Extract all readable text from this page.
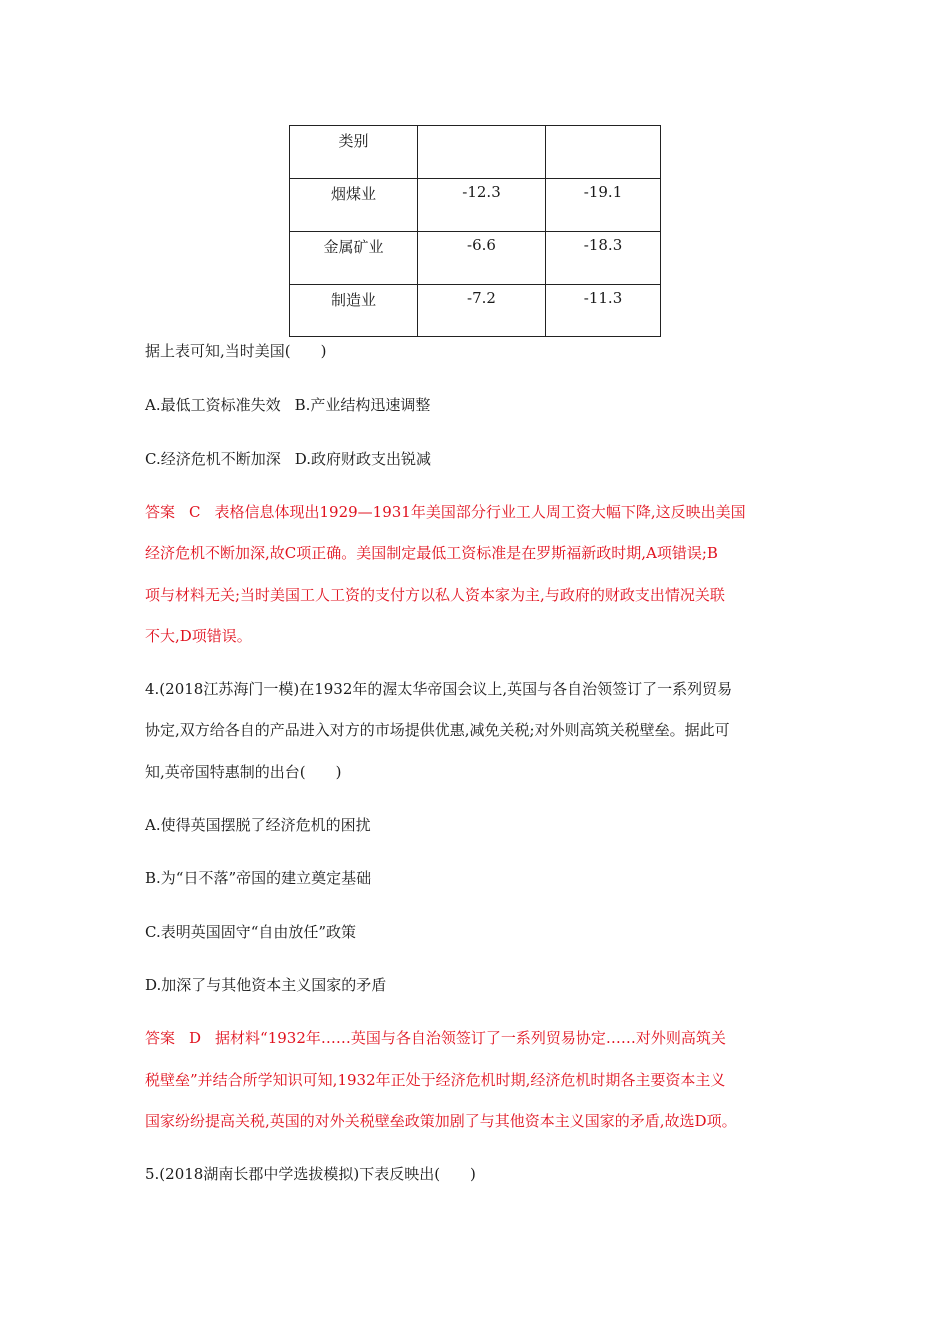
类别		
烟煤业	-12.3	-19.1
金属矿业	-6.6	-18.3
制造业	-7.2	-11.3
据上表可知,当时美国(　　)
A.最低工资标准失效 B.产业结构迅速调整
C.经济危机不断加深 D.政府财政支出锐减
答案 C 表格信息体现出1929—1931年美国部分行业工人周工资大幅下降,这反映出美国
经济危机不断加深,故C项正确。美国制定最低工资标准是在罗斯福新政时期,A项错误;B
项与材料无关;当时美国工人工资的支付方以私人资本家为主,与政府的财政支出情况关联
不大,D项错误。
4.(2018江苏海门一模)在1932年的渥太华帝国会议上,英国与各自治领签订了一系列贸易
协定,双方给各自的产品进入对方的市场提供优惠,减免关税;对外则高筑关税壁垒。据此可
知,英帝国特惠制的出台(　　)
A.使得英国摆脱了经济危机的困扰
B.为“日不落”帝国的建立奠定基础
C.表明英国固守“自由放任”政策
D.加深了与其他资本主义国家的矛盾
答案 D 据材料“1932年……英国与各自治领签订了一系列贸易协定……对外则高筑关
税壁垒”并结合所学知识可知,1932年正处于经济危机时期,经济危机时期各主要资本主义
国家纷纷提高关税,英国的对外关税壁垒政策加剧了与其他资本主义国家的矛盾,故选D项。
5.(2018湖南长郡中学选拔模拟)下表反映出(　　)
